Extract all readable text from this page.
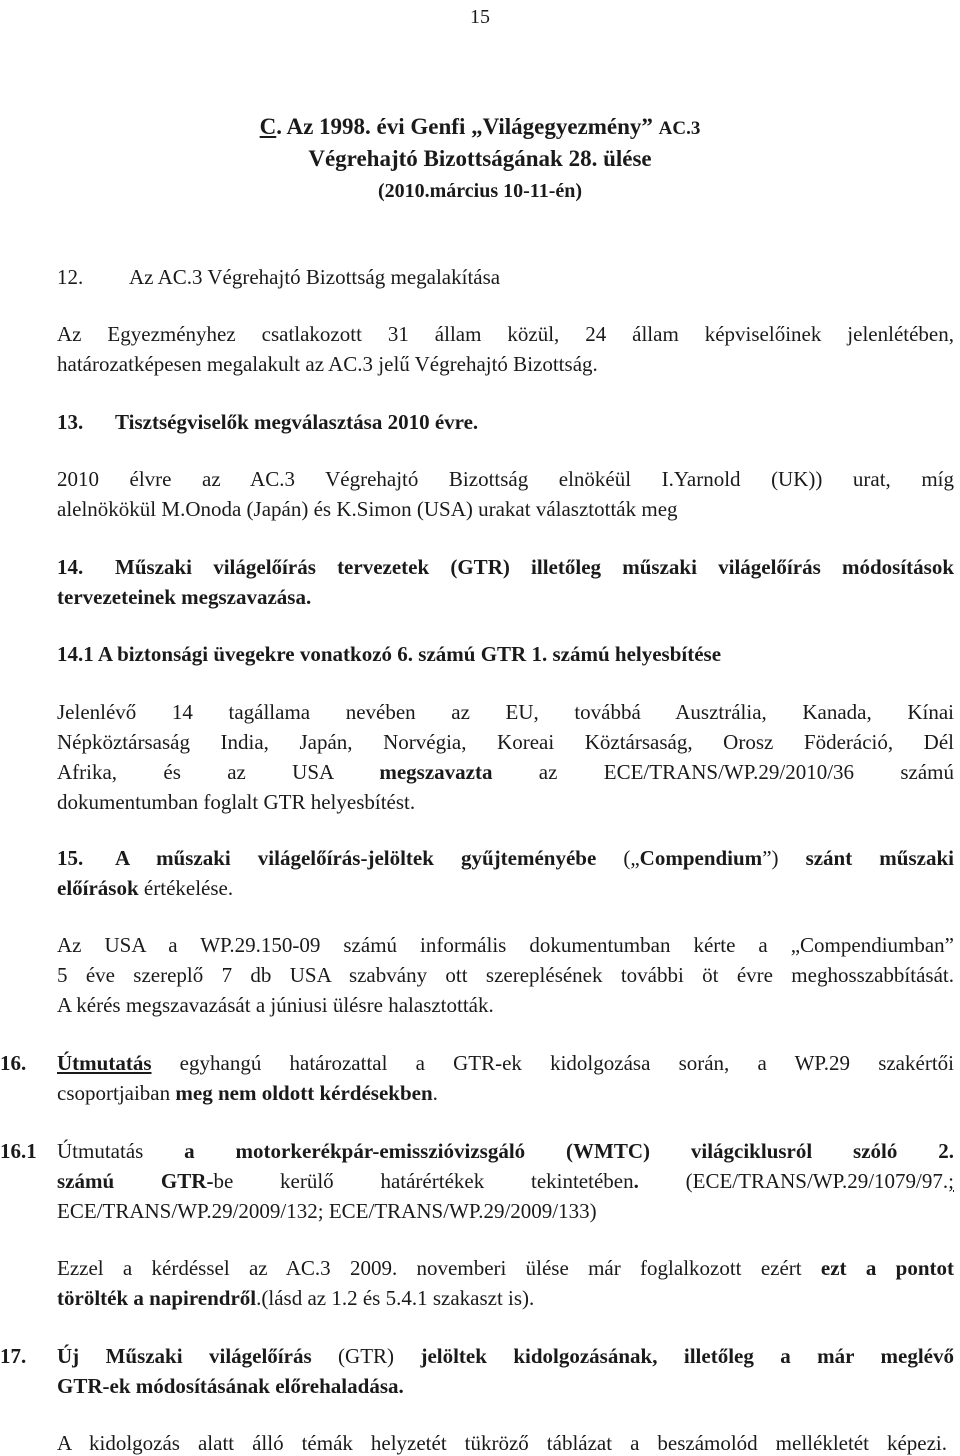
15
C. Az 1998. évi Genfi „Világegyezmény” AC.3
Végrehajtó Bizottságának 28. ülése
(2010.március 10-11-én)
12. Az AC.3 Végrehajtó Bizottság megalakítása
Az Egyezményhez csatlakozott 31 állam közül, 24 állam képviselőinek jelenlétében,
határozatképesen megalakult az AC.3 jelű Végrehajtó Bizottság.
13. Tisztségviselők megválasztása 2010 évre.
2010 élvre az AC.3 Végrehajtó Bizottság elnökéül I.Yarnold (UK)) urat, míg
alelnökökül M.Onoda (Japán) és K.Simon (USA) urakat választották meg
14. Műszaki világelőírás tervezetek (GTR) illetőleg műszaki világelőírás módosítások
tervezeteinek megszavazása.
14.1 A biztonsági üvegekre vonatkozó 6. számú GTR 1. számú helyesbítése
Jelenlévő 14 tagállama nevében az EU, továbbá Ausztrália, Kanada, Kínai
Népköztársaság India, Japán, Norvégia, Koreai Köztársaság, Orosz Föderáció, Dél
Afrika, és az USA megszavazta az ECE/TRANS/WP.29/2010/36 számú
dokumentumban foglalt GTR helyesbítést.
15. A műszaki világelőírás-jelöltek gyűjteményébe („Compendium”) szánt műszaki
előírások értékelése.
Az USA a WP.29.150-09 számú informális dokumentumban kérte a „Compendiumban”
5 éve szereplő 7 db USA szabvány ott szereplésének további öt évre meghosszabbítását.
A kérés megszavazását a júniusi ülésre halasztották.
16. Útmutatás egyhangú határozattal a GTR-ek kidolgozása során, a WP.29 szakértői
csoportjaiban meg nem oldott kérdésekben.
16.1 Útmutatás a motorkerékpár-emisszióvizsgáló (WMTC) világciklusról szóló 2.
számú GTR-be kerülő határértékek tekintetében. (ECE/TRANS/WP.29/1079/97.;
ECE/TRANS/WP.29/2009/132; ECE/TRANS/WP.29/2009/133)
Ezzel a kérdéssel az AC.3 2009. novemberi ülése már foglalkozott ezért ezt a pontot
törölték a napirendről.(lásd az 1.2 és 5.4.1 szakaszt is).
17. Új Műszaki világelőírás (GTR) jelöltek kidolgozásának, illetőleg a már meglévő
GTR-ek módosításának előrehaladása.
A kidolgozás alatt álló témák helyzetét tükröző táblázat a beszámolód mellékletét képezi.
